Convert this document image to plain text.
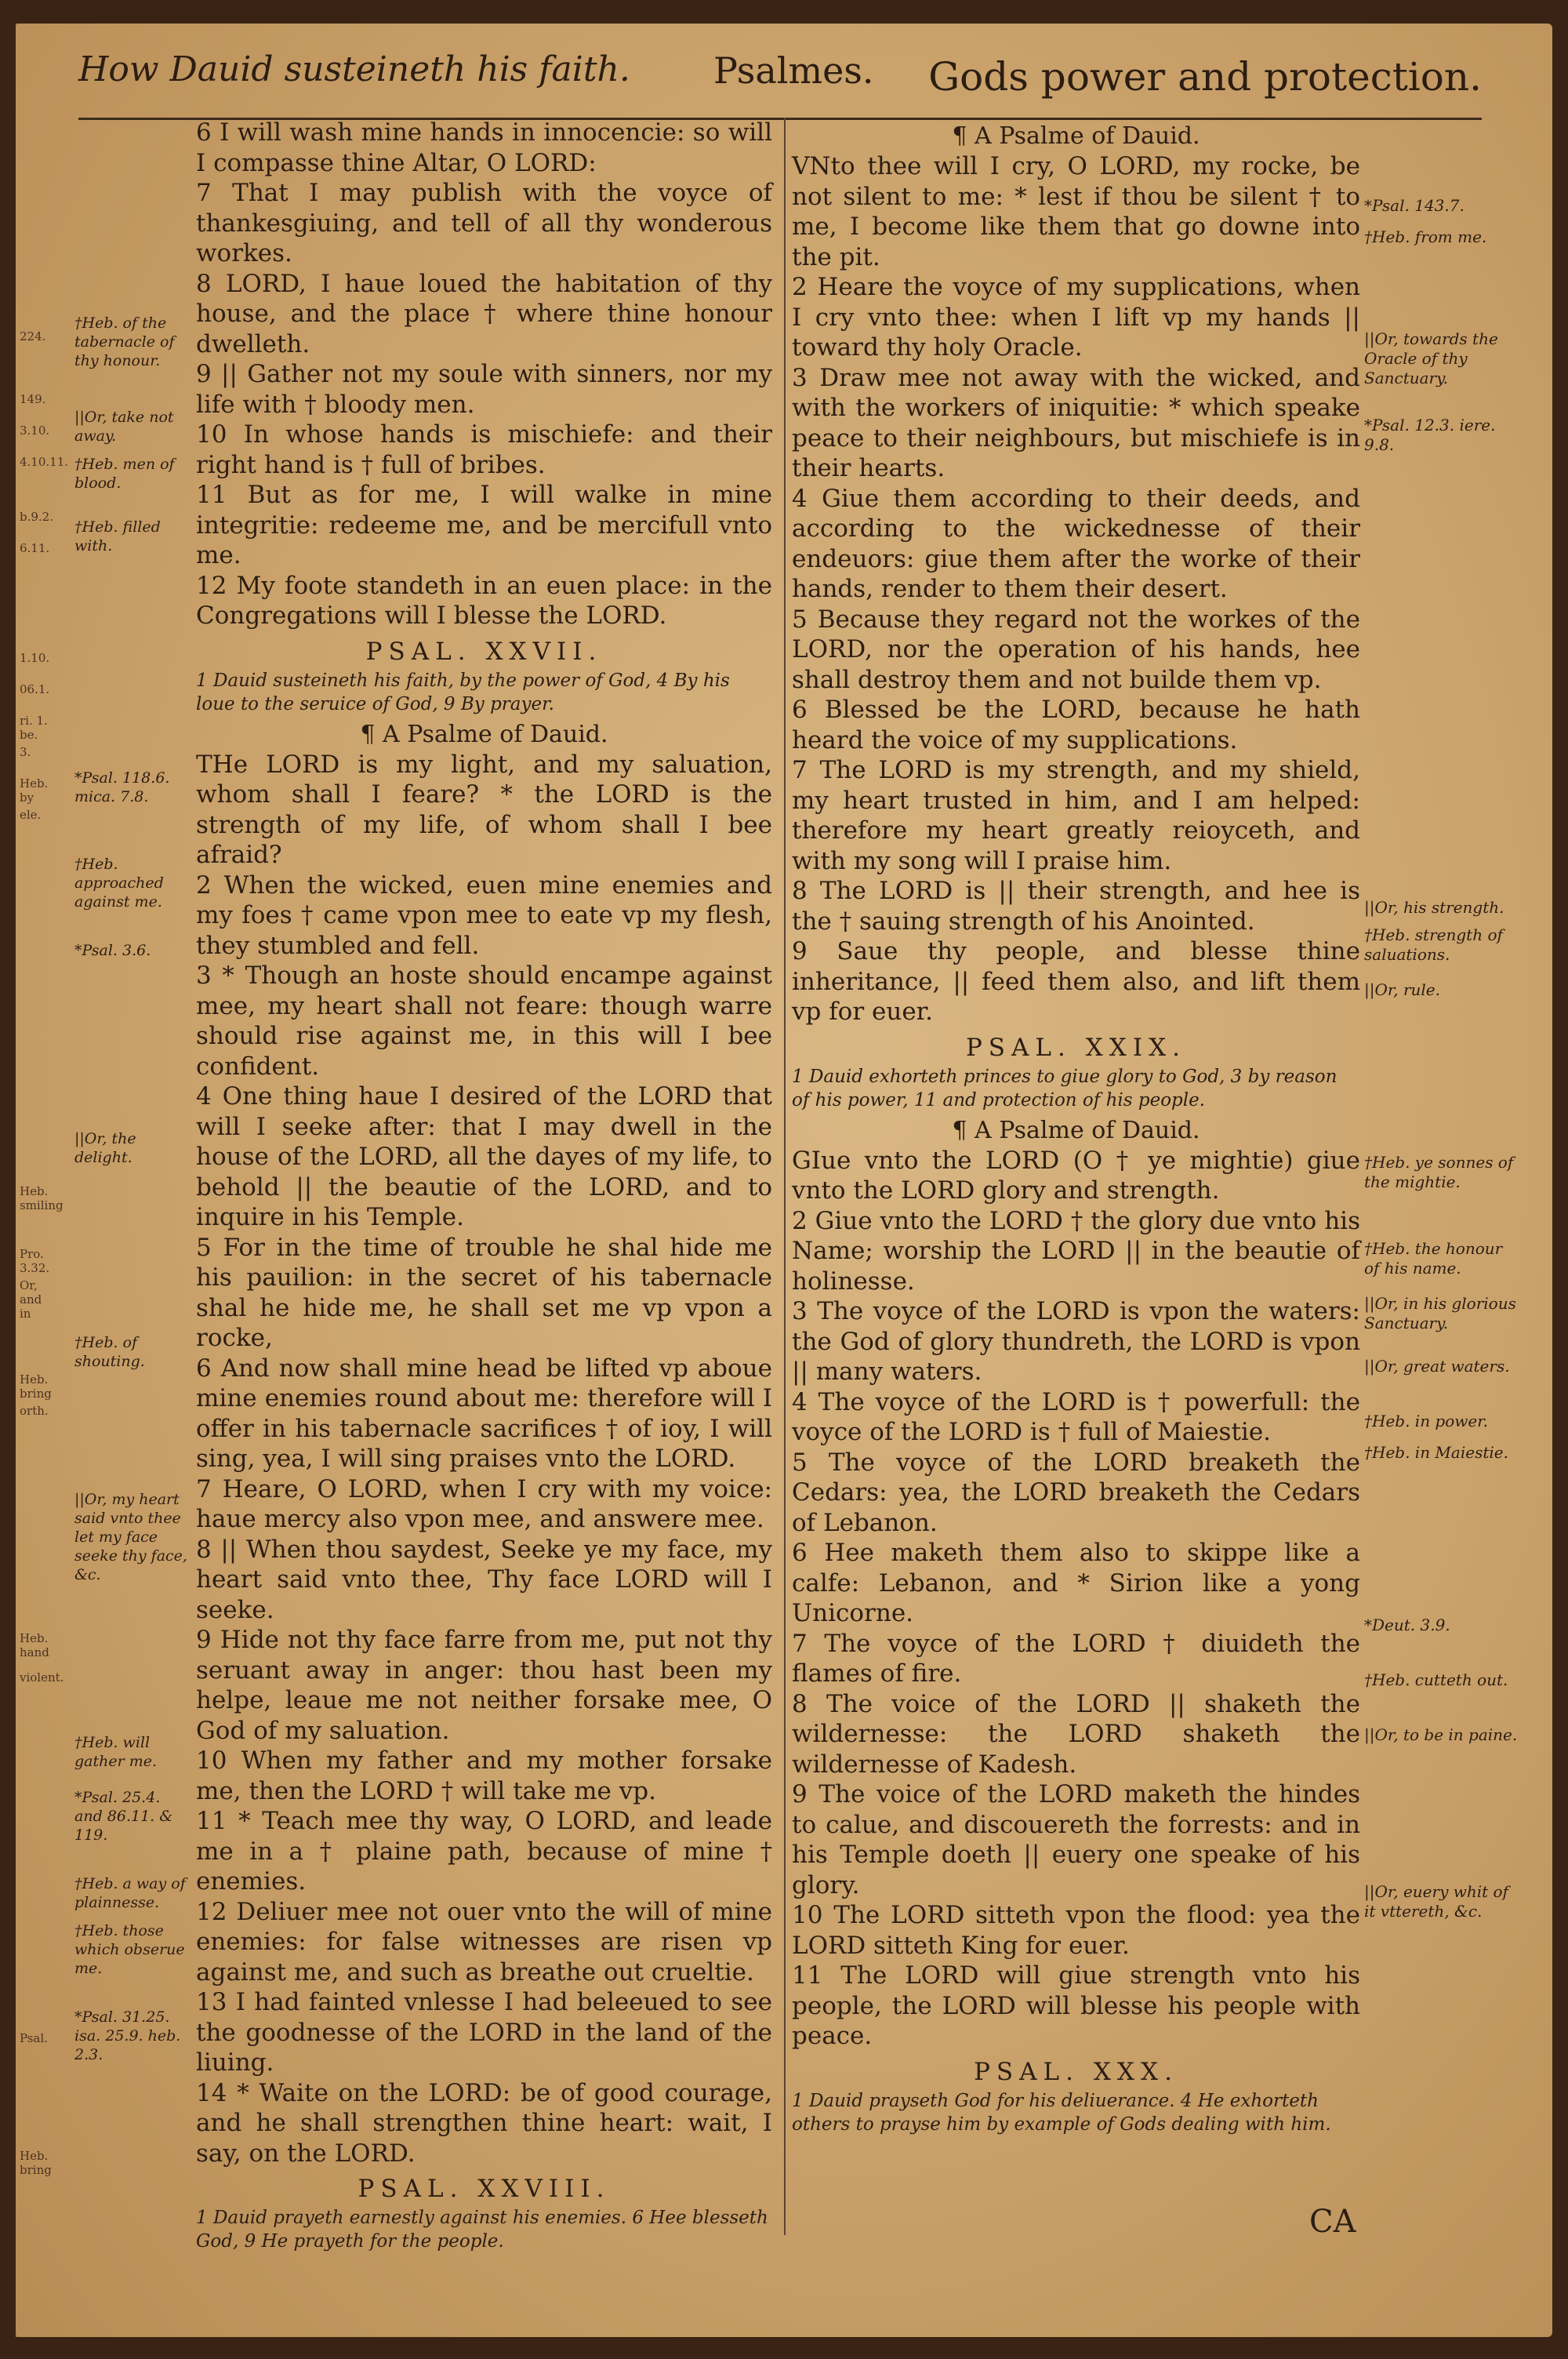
How Dauid susteineth his faith. Psalmes. Gods power and protection.
224.
149.
3.10.
4.10.11.
b.9.2.
6.11.
1.10.
06.1.
ri. 1. be.
3.
Heb. by
ele.
Heb. smiling
Pro. 3.32.
Or, and in
Heb. bring
orth.
Heb. hand
violent.
Psal.
Heb. bring
†Heb. of the tabernacle of thy honour.
||Or, take not away.
†Heb. men of blood.
†Heb. filled with.
*Psal. 118.6. mica. 7.8.
†Heb. approached against me.
*Psal. 3.6.
||Or, the delight.
†Heb. of shouting.
||Or, my heart said vnto thee let my face seeke thy face, &c.
†Heb. will gather me.
*Psal. 25.4. and 86.11. & 119.
†Heb. a way of plainnesse.
†Heb. those which obserue me.
*Psal. 31.25. isa. 25.9. heb. 2.3.
*Psal. 143.7.
†Heb. from me.
||Or, towards the Oracle of thy Sanctuary.
*Psal. 12.3. iere. 9.8.
||Or, his strength.
†Heb. strength of saluations.
||Or, rule.
†Heb. ye sonnes of the mightie.
†Heb. the honour of his name.
||Or, in his glorious Sanctuary.
||Or, great waters.
†Heb. in power.
†Heb. in Maiestie.
*Deut. 3.9.
†Heb. cutteth out.
||Or, to be in paine.
||Or, euery whit of it vttereth, &c.

6 I will wash mine hands in innocencie: so will I compasse thine Altar, O LORD:

7 That I may publish with the voyce of thankesgiuing, and tell of all thy wonderous workes.

8 LORD, I haue loued the habitation of thy house, and the place † where thine honour dwelleth.

9 || Gather not my soule with sinners, nor my life with † bloody men.

10 In whose hands is mischiefe: and their right hand is † full of bribes.

11 But as for me, I will walke in mine integritie: redeeme me, and be mercifull vnto me.

12 My foote standeth in an euen place: in the Congregations will I blesse the LORD.

PSAL. XXVII.

1 Dauid susteineth his faith, by the power of God, 4 By his loue to the seruice of God, 9 By prayer.

¶ A Psalme of Dauid.

THe LORD is my light, and my saluation, whom shall I feare? * the LORD is the strength of my life, of whom shall I bee afraid?

2 When the wicked, euen mine enemies and my foes † came vpon mee to eate vp my flesh, they stumbled and fell.

3 * Though an hoste should encampe against mee, my heart shall not feare: though warre should rise against me, in this will I bee confident.

4 One thing haue I desired of the LORD that will I seeke after: that I may dwell in the house of the LORD, all the dayes of my life, to behold || the beautie of the LORD, and to inquire in his Temple.

5 For in the time of trouble he shal hide me his pauilion: in the secret of his tabernacle shal he hide me, he shall set me vp vpon a rocke,

6 And now shall mine head be lifted vp aboue mine enemies round about me: therefore will I offer in his tabernacle sacrifices † of ioy, I will sing, yea, I will sing praises vnto the LORD.

7 Heare, O LORD, when I cry with my voice: haue mercy also vpon mee, and answere mee.

8 || When thou saydest, Seeke ye my face, my heart said vnto thee, Thy face LORD will I seeke.

9 Hide not thy face farre from me, put not thy seruant away in anger: thou hast been my helpe, leaue me not neither forsake mee, O God of my saluation.

10 When my father and my mother forsake me, then the LORD † will take me vp.

11 * Teach mee thy way, O LORD, and leade me in a † plaine path, because of mine † enemies.

12 Deliuer mee not ouer vnto the will of mine enemies: for false witnesses are risen vp against me, and such as breathe out crueltie.

13 I had fainted vnlesse I had beleeued to see the goodnesse of the LORD in the land of the liuing.

14 * Waite on the LORD: be of good courage, and he shall strengthen thine heart: wait, I say, on the LORD.

PSAL. XXVIII.

1 Dauid prayeth earnestly against his enemies. 6 Hee blesseth God, 9 He prayeth for the people.

¶ A Psalme of Dauid.

VNto thee will I cry, O LORD, my rocke, be not silent to me: * lest if thou be silent † to me, I become like them that go downe into the pit.

2 Heare the voyce of my supplications, when I cry vnto thee: when I lift vp my hands || toward thy holy Oracle.

3 Draw mee not away with the wicked, and with the workers of iniquitie: * which speake peace to their neighbours, but mischiefe is in their hearts.

4 Giue them according to their deeds, and according to the wickednesse of their endeuors: giue them after the worke of their hands, render to them their desert.

5 Because they regard not the workes of the LORD, nor the operation of his hands, hee shall destroy them and not builde them vp.

6 Blessed be the LORD, because he hath heard the voice of my supplications.

7 The LORD is my strength, and my shield, my heart trusted in him, and I am helped: therefore my heart greatly reioyceth, and with my song will I praise him.

8 The LORD is || their strength, and hee is the † sauing strength of his Anointed.

9 Saue thy people, and blesse thine inheritance, || feed them also, and lift them vp for euer.

PSAL. XXIX.

1 Dauid exhorteth princes to giue glory to God, 3 by reason of his power, 11 and protection of his people.

¶ A Psalme of Dauid.

GIue vnto the LORD (O † ye mightie) giue vnto the LORD glory and strength.

2 Giue vnto the LORD † the glory due vnto his Name; worship the LORD || in the beautie of holinesse.

3 The voyce of the LORD is vpon the waters: the God of glory thundreth, the LORD is vpon || many waters.

4 The voyce of the LORD is † powerfull: the voyce of the LORD is † full of Maiestie.

5 The voyce of the LORD breaketh the Cedars: yea, the LORD breaketh the Cedars of Lebanon.

6 Hee maketh them also to skippe like a calfe: Lebanon, and * Sirion like a yong Unicorne.

7 The voyce of the LORD † diuideth the flames of fire.

8 The voice of the LORD || shaketh the wildernesse: the LORD shaketh the wildernesse of Kadesh.

9 The voice of the LORD maketh the hindes to calue, and discouereth the forrests: and in his Temple doeth || euery one speake of his glory.

10 The LORD sitteth vpon the flood: yea the LORD sitteth King for euer.

11 The LORD will giue strength vnto his people, the LORD will blesse his people with peace.

PSAL. XXX.

1 Dauid prayseth God for his deliuerance. 4 He exhorteth others to prayse him by example of Gods dealing with him.

CA
